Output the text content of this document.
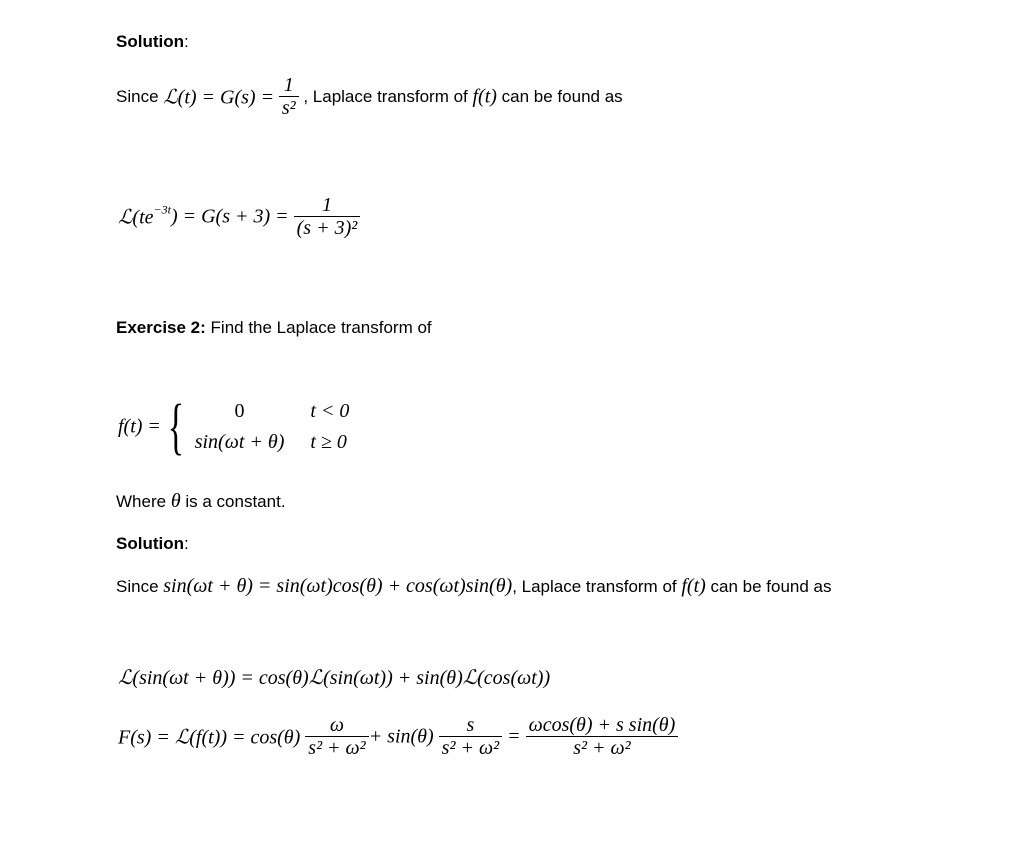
Solution:
Since ℒ(t) = $G(s) = \frac{1}{\text{s²}}$ , Laplace transform of f(t) can be found as
$ℒ(te^{-3t}) = G(s + 3) = \frac{1}{\text{(s + 3)²}}$
Exercise 2: Find the Laplace transform of
f(t) = {	0	t < 0
sin(ωt + θ)	t ≥ 0
Where θ is a constant.
Solution:
Since sin(ωt + θ) = sin(ωt)cos(θ) + cos(ωt)sin(θ), Laplace transform of f(t) can be found as
ℒ(sin(ωt + θ)) = cos(θ)ℒ(sin(ωt)) + sin(θ)ℒ(cos(ωt))
F(s) = ℒ(f(t)) = $\cos(\theta) \frac{\omega}{\text{s² + ω²}} + \sin(\theta) \frac{s}{\text{s² + ω²}} = \frac{\text{ωcos(θ) + s sin(θ)}}{\text{s² + ω²}}$
